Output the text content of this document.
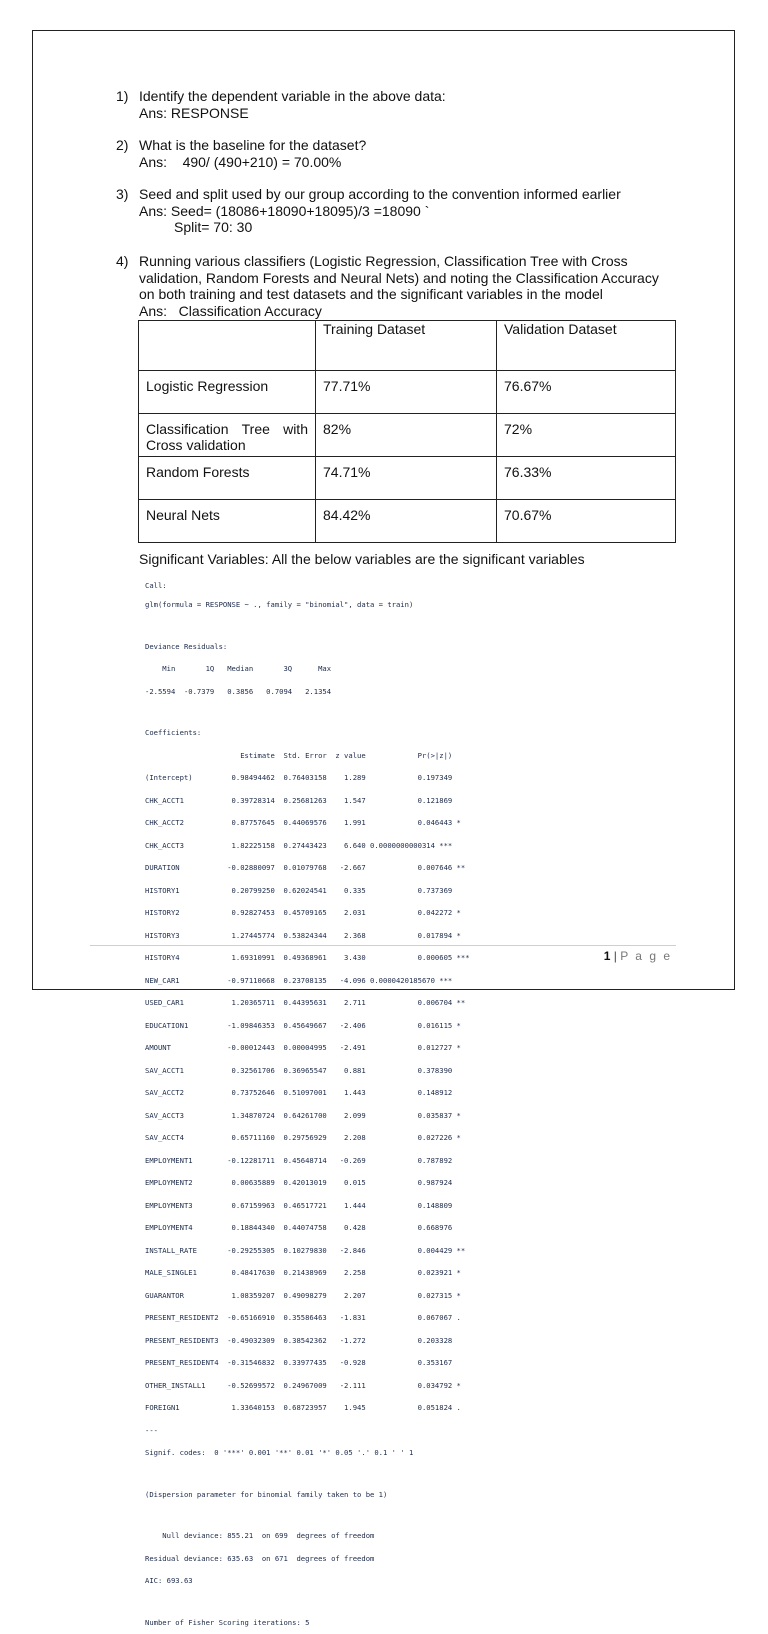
1) Identify the dependent variable in the above data:
Ans: RESPONSE
2) What is the baseline for the dataset?
Ans:    490/ (490+210) = 70.00%
3) Seed and split used by our group according to the convention informed earlier
Ans: Seed= (18086+18090+18095)/3 =18090 `
Split= 70: 30
4) Running various classifiers (Logistic Regression, Classification Tree with Cross
validation, Random Forests and Neural Nets) and noting the Classification Accuracy
on both training and test datasets and the significant variables in the model
Ans:   Classification Accuracy
	Training Dataset	Validation Dataset
Logistic Regression	77.71%	76.67%

Classification Tree with
Cross validation	82%	72%
Random Forests	74.71%	76.33%
Neural Nets	84.42%	70.67%
Significant Variables: All the below variables are the significant variables

Call:

glm(formula = RESPONSE ~ ., family = "binomial", data = train)

Deviance Residuals:

Min       1Q   Median       3Q      Max

-2.5594  -0.7379   0.3856   0.7094   2.1354

Coefficients:

Estimate  Std. Error  z value            Pr(>|z|)

(Intercept)         0.98494462  0.76403158    1.289            0.197349

CHK_ACCT1           0.39728314  0.25681263    1.547            0.121869

CHK_ACCT2           0.87757645  0.44069576    1.991            0.046443 *

CHK_ACCT3           1.82225158  0.27443423    6.640 0.0000000000314 ***

DURATION           -0.02880097  0.01079768   -2.667            0.007646 **

HISTORY1            0.20799250  0.62024541    0.335            0.737369

HISTORY2            0.92827453  0.45709165    2.031            0.042272 *

HISTORY3            1.27445774  0.53824344    2.368            0.017894 *

HISTORY4            1.69310991  0.49368961    3.430            0.000605 ***

NEW_CAR1           -0.97110668  0.23708135   -4.096 0.0000420185670 ***

USED_CAR1           1.20365711  0.44395631    2.711            0.006704 **

EDUCATION1         -1.09846353  0.45649667   -2.406            0.016115 *

AMOUNT             -0.00012443  0.00004995   -2.491            0.012727 *

SAV_ACCT1           0.32561706  0.36965547    0.881            0.378390

SAV_ACCT2           0.73752646  0.51097001    1.443            0.148912

SAV_ACCT3           1.34870724  0.64261700    2.099            0.035837 *

SAV_ACCT4           0.65711160  0.29756929    2.208            0.027226 *

EMPLOYMENT1        -0.12281711  0.45648714   -0.269            0.787892

EMPLOYMENT2         0.00635889  0.42013019    0.015            0.987924

EMPLOYMENT3         0.67159963  0.46517721    1.444            0.148809

EMPLOYMENT4         0.18844340  0.44074758    0.428            0.668976

INSTALL_RATE       -0.29255305  0.10279830   -2.846            0.004429 **

MALE_SINGLE1        0.48417630  0.21438969    2.258            0.023921 *

GUARANTOR           1.08359207  0.49098279    2.207            0.027315 *

PRESENT_RESIDENT2  -0.65166910  0.35586463   -1.831            0.067067 .

PRESENT_RESIDENT3  -0.49032309  0.38542362   -1.272            0.203328

PRESENT_RESIDENT4  -0.31546832  0.33977435   -0.928            0.353167

OTHER_INSTALL1     -0.52699572  0.24967009   -2.111            0.034792 *

FOREIGN1            1.33640153  0.68723957    1.945            0.051824 .

---

Signif. codes:  0 '***' 0.001 '**' 0.01 '*' 0.05 '.' 0.1 ' ' 1

(Dispersion parameter for binomial family taken to be 1)

Null deviance: 855.21  on 699  degrees of freedom

Residual deviance: 635.63  on 671  degrees of freedom

AIC: 693.63

Number of Fisher Scoring iterations: 5

1 | P a g e
